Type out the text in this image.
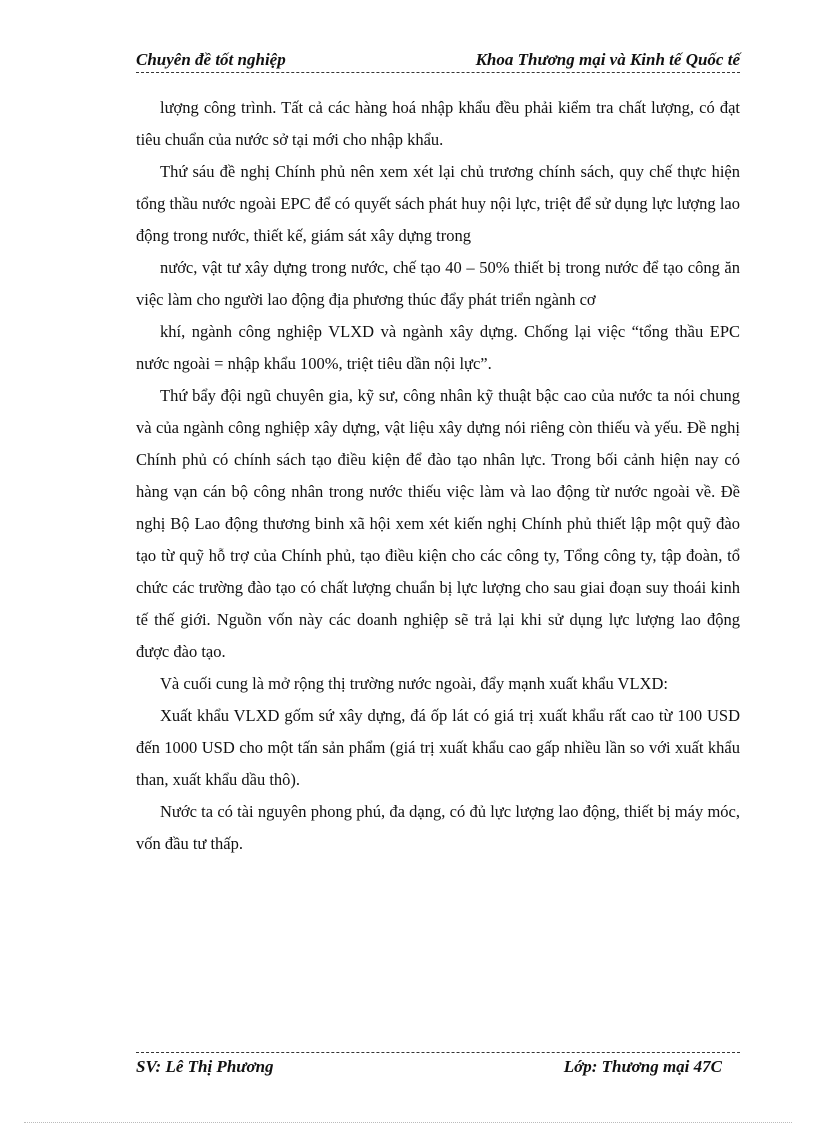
Chuyên đề tốt nghiệp	Khoa Thương mại và Kinh tế Quốc tế

lượng công trình. Tất cả các hàng hoá nhập khẩu đều phải kiểm tra chất lượng, có đạt tiêu chuẩn của nước sở tại mới cho nhập khẩu.

Thứ sáu đề nghị Chính phủ nên xem xét lại chủ trương chính sách, quy chế thực hiện tổng thầu nước ngoài EPC để có quyết sách phát huy nội lực, triệt để sử dụng lực lượng lao động trong nước, thiết kế, giám sát xây dựng trong

nước, vật tư xây dựng trong nước, chế tạo 40 – 50% thiết bị trong nước để tạo công ăn việc làm cho người lao động địa phương thúc đẩy phát triển ngành cơ

khí, ngành công nghiệp VLXD và ngành xây dựng. Chống lại việc “tổng thầu EPC nước ngoài = nhập khẩu 100%, triệt tiêu dần nội lực”.

Thứ bẩy đội ngũ chuyên gia, kỹ sư, công nhân kỹ thuật bậc cao của nước ta nói chung và của ngành công nghiệp xây dựng, vật liệu xây dựng nói riêng còn thiếu và yếu. Đề nghị Chính phủ có chính sách tạo điều kiện để đào tạo nhân lực. Trong bối cảnh hiện nay có hàng vạn cán bộ công nhân trong nước thiếu việc làm và lao động từ nước ngoài về. Đề nghị Bộ Lao động thương binh xã hội xem xét kiến nghị Chính phủ thiết lập một quỹ đào tạo từ quỹ hỗ trợ của Chính phủ, tạo điều kiện cho các công ty, Tổng công ty, tập đoàn, tổ chức các trường đào tạo có chất lượng chuẩn bị lực lượng cho sau giai đoạn suy thoái kinh tế thế giới. Nguồn vốn này các doanh nghiệp sẽ trả lại khi sử dụng lực lượng lao động được đào tạo.

Và cuối cung là mở rộng thị trường nước ngoài, đẩy mạnh xuất khẩu VLXD:

Xuất khẩu VLXD gốm sứ xây dựng, đá ốp lát có giá trị xuất khẩu rất cao từ 100 USD đến 1000 USD cho một tấn sản phẩm (giá trị xuất khẩu cao gấp nhiều lần so với xuất khẩu than, xuất khẩu dầu thô).

Nước ta có tài nguyên phong phú, đa dạng, có đủ lực lượng lao động, thiết bị máy móc, vốn đầu tư thấp.

SV: Lê Thị Phương	Lớp: Thương mại 47C
